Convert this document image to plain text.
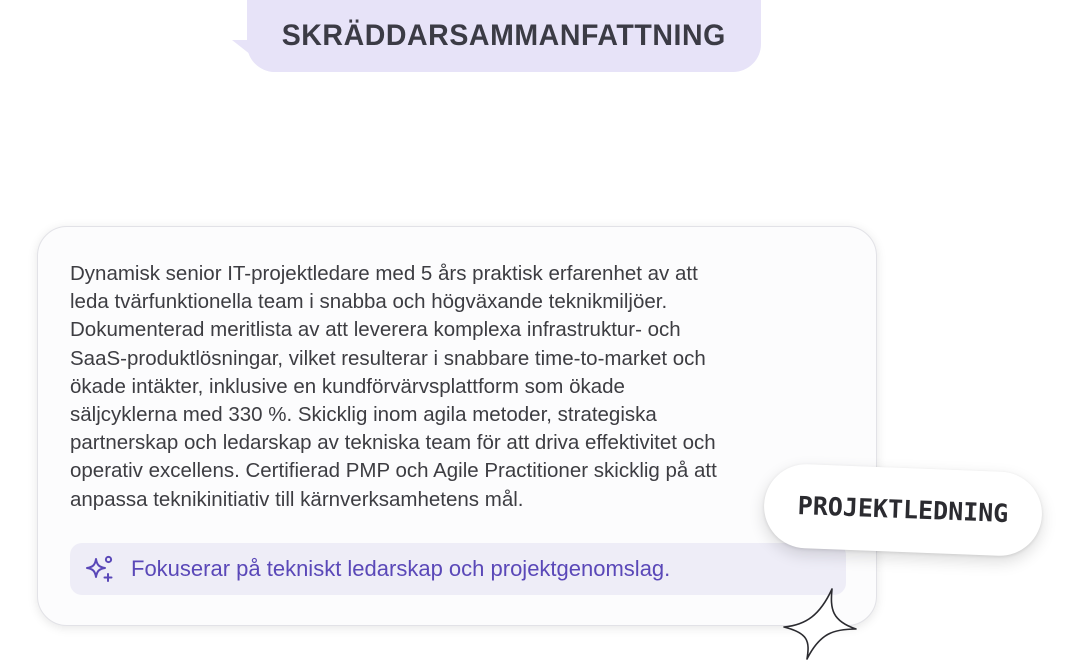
SKRÄDDARSAMMANFATTNING

Dynamisk senior IT-projektledare med 5 års praktisk erfarenhet av att
leda tvärfunktionella team i snabba och högväxande teknikmiljöer.
Dokumenterad meritlista av att leverera komplexa infrastruktur- och
SaaS-produktlösningar, vilket resulterar i snabbare time-to-market och
ökade intäkter, inklusive en kundförvärvsplattform som ökade
säljcyklerna med 330 %. Skicklig inom agila metoder, strategiska
partnerskap och ledarskap av tekniska team för att driva effektivitet och
operativ excellens. Certifierad PMP och Agile Practitioner skicklig på att
anpassa teknikinitiativ till kärnverksamhetens mål.

Fokuserar på tekniskt ledarskap och projektgenomslag.
PROJEKTLEDNING
